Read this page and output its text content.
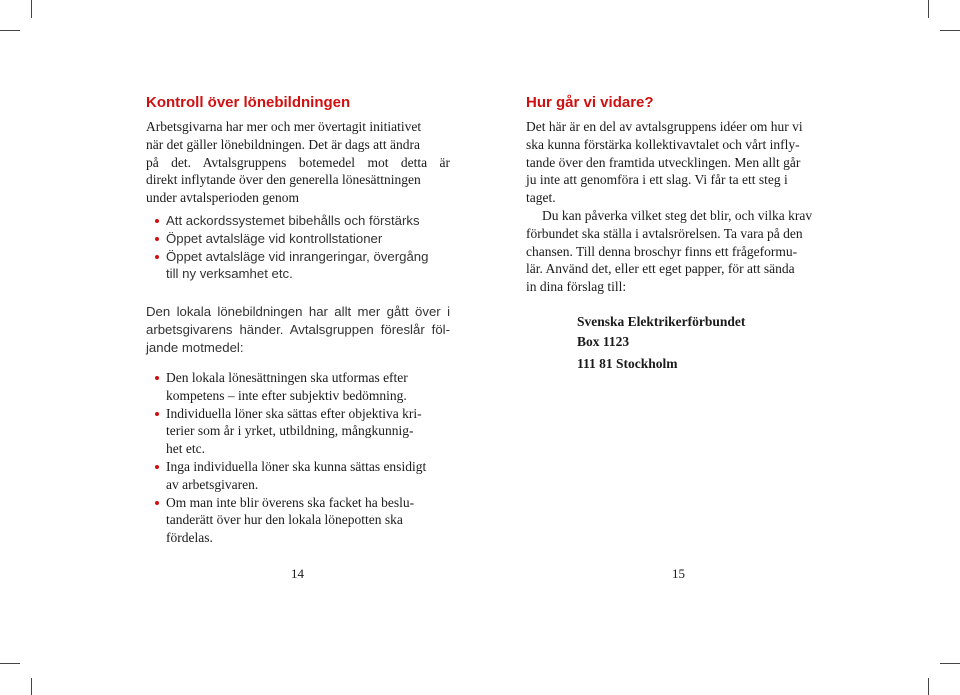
Kontroll över lönebildningen

Arbetsgivarna har mer och mer övertagit initiativet

när det gäller lönebildningen. Det är dags att ändra

på det. Avtalsgruppens botemedel mot detta är

direkt inflytande över den generella lönesättningen

under avtalsperioden genom

Att ackordssystemet bibehålls och förstärks
Öppet avtalsläge vid kontrollstationer
Öppet avtalsläge vid inrangeringar, övergång
till ny verksamhet etc.

Den lokala lönebildningen har allt mer gått över i

arbetsgivarens händer. Avtalsgruppen föreslår föl-

jande motmedel:

Den lokala lönesättningen ska utformas efter
kompetens – inte efter subjektiv bedömning.
Individuella löner ska sättas efter objektiva kri-
terier som år i yrket, utbildning, mångkunnig-
het etc.
Inga individuella löner ska kunna sättas ensidigt
av arbetsgivaren.
Om man inte blir överens ska facket ha beslu-
tanderätt över hur den lokala lönepotten ska
fördelas.

14

Hur går vi vidare?

Det här är en del av avtalsgruppens idéer om hur vi

ska kunna förstärka kollektivavtalet och vårt infly-

tande över den framtida utvecklingen. Men allt går

ju inte att genomföra i ett slag. Vi får ta ett steg i

taget.

Du kan påverka vilket steg det blir, och vilka krav

förbundet ska ställa i avtalsrörelsen. Ta vara på den

chansen. Till denna broschyr finns ett frågeformu-

lär. Använd det, eller ett eget papper, för att sända

in dina förslag till:

Svenska Elektrikerförbundet

Box 1123

111 81 Stockholm

15
